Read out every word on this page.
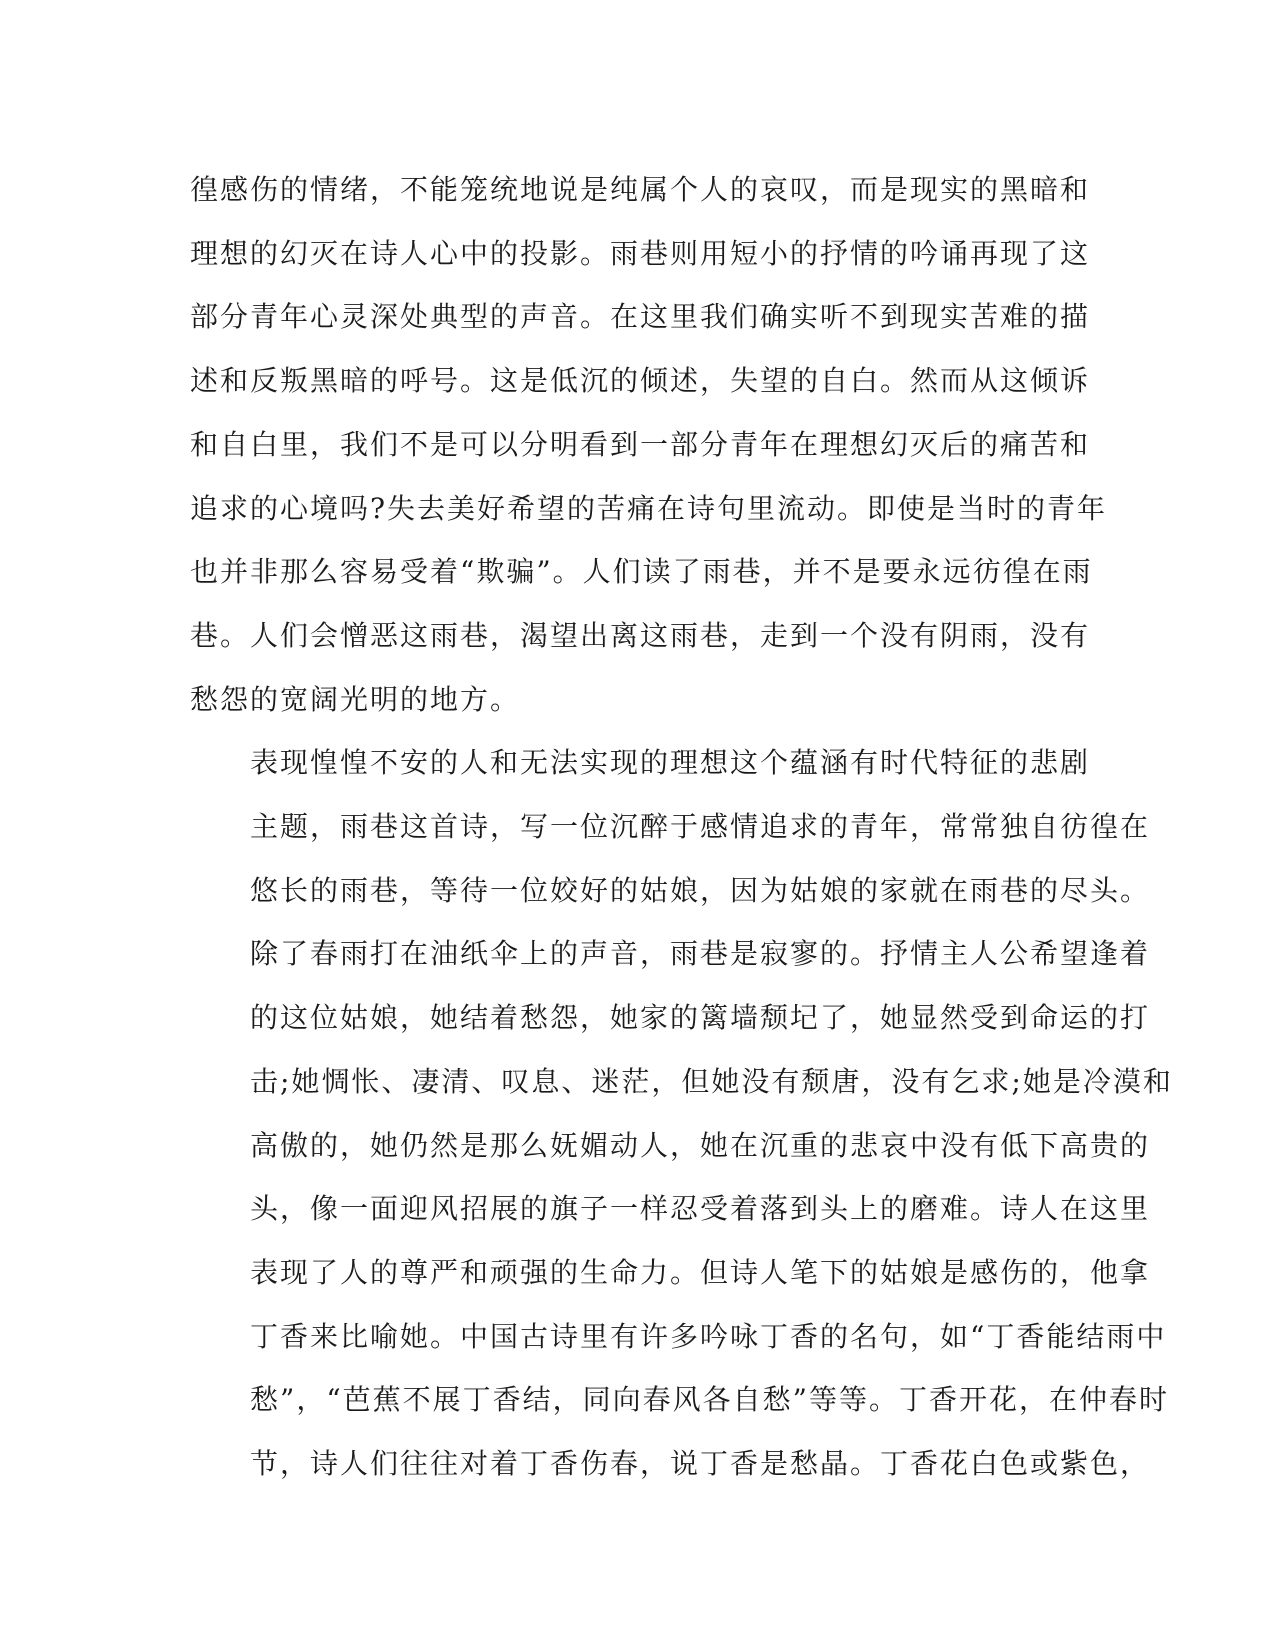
徨感伤的情绪，不能笼统地说是纯属个人的哀叹，而是现实的黑暗和
理想的幻灭在诗人心中的投影。雨巷则用短小的抒情的吟诵再现了这
部分青年心灵深处典型的声音。在这里我们确实听不到现实苦难的描
述和反叛黑暗的呼号。这是低沉的倾述，失望的自白。然而从这倾诉
和自白里，我们不是可以分明看到一部分青年在理想幻灭后的痛苦和
追求的心境吗?失去美好希望的苦痛在诗句里流动。即使是当时的青年
也并非那么容易受着“欺骗”。人们读了雨巷，并不是要永远彷徨在雨
巷。人们会憎恶这雨巷，渴望出离这雨巷，走到一个没有阴雨，没有
愁怨的宽阔光明的地方。

表现惶惶不安的人和无法实现的理想这个蕴涵有时代特征的悲剧
主题，雨巷这首诗，写一位沉醉于感情追求的青年，常常独自彷徨在
悠长的雨巷，等待一位姣好的姑娘，因为姑娘的家就在雨巷的尽头。
除了春雨打在油纸伞上的声音，雨巷是寂寥的。抒情主人公希望逢着
的这位姑娘，她结着愁怨，她家的篱墙颓圮了，她显然受到命运的打
击;她惆怅、凄清、叹息、迷茫，但她没有颓唐，没有乞求;她是冷漠和
高傲的，她仍然是那么妩媚动人，她在沉重的悲哀中没有低下高贵的
头，像一面迎风招展的旗子一样忍受着落到头上的磨难。诗人在这里
表现了人的尊严和顽强的生命力。但诗人笔下的姑娘是感伤的，他拿
丁香来比喻她。中国古诗里有许多吟咏丁香的名句，如“丁香能结雨中
愁”，“芭蕉不展丁香结，同向春风各自愁”等等。丁香开花，在仲春时
节，诗人们往往对着丁香伤春，说丁香是愁晶。丁香花白色或紫色，
